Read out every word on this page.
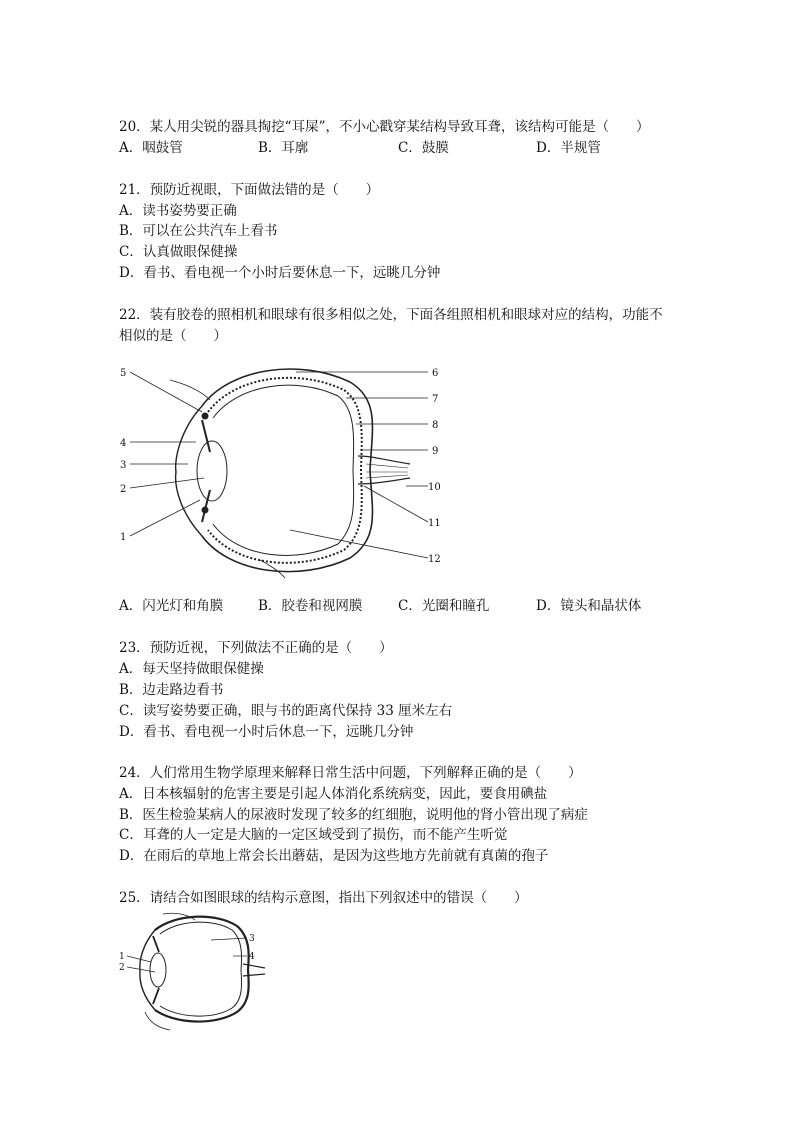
20．某人用尖锐的器具掏挖“耳屎”，不小心戳穿某结构导致耳聋，该结构可能是（　　）
A．咽鼓管	B．耳廓	C．鼓膜	D．半规管
21．预防近视眼，下面做法错的是（　　）
A．读书姿势要正确
B．可以在公共汽车上看书
C．认真做眼保健操
D．看书、看电视一个小时后要休息一下，远眺几分钟
22．装有胶卷的照相机和眼球有很多相似之处，下面各组照相机和眼球对应的结构，功能不
相似的是（　　）
5
4
3
2
1
6
7
8
9
10
11
12
A．闪光灯和角膜	B．胶卷和视网膜	C．光圈和瞳孔	D．镜头和晶状体
23．预防近视，下列做法不正确的是（　　）
A．每天坚持做眼保健操
B．边走路边看书
C．读写姿势要正确，眼与书的距离代保持 33 厘米左右
D．看书、看电视一小时后休息一下，远眺几分钟
24．人们常用生物学原理来解释日常生活中问题，下列解释正确的是（　　）
A．日本核辐射的危害主要是引起人体消化系统病变，因此，要食用碘盐
B．医生检验某病人的尿液时发现了较多的红细胞，说明他的肾小管出现了病症
C．耳聋的人一定是大脑的一定区域受到了损伤，而不能产生听觉
D．在雨后的草地上常会长出蘑菇，是因为这些地方先前就有真菌的孢子
25．请结合如图眼球的结构示意图，指出下列叙述中的错误（　　）
1
2
3
4
